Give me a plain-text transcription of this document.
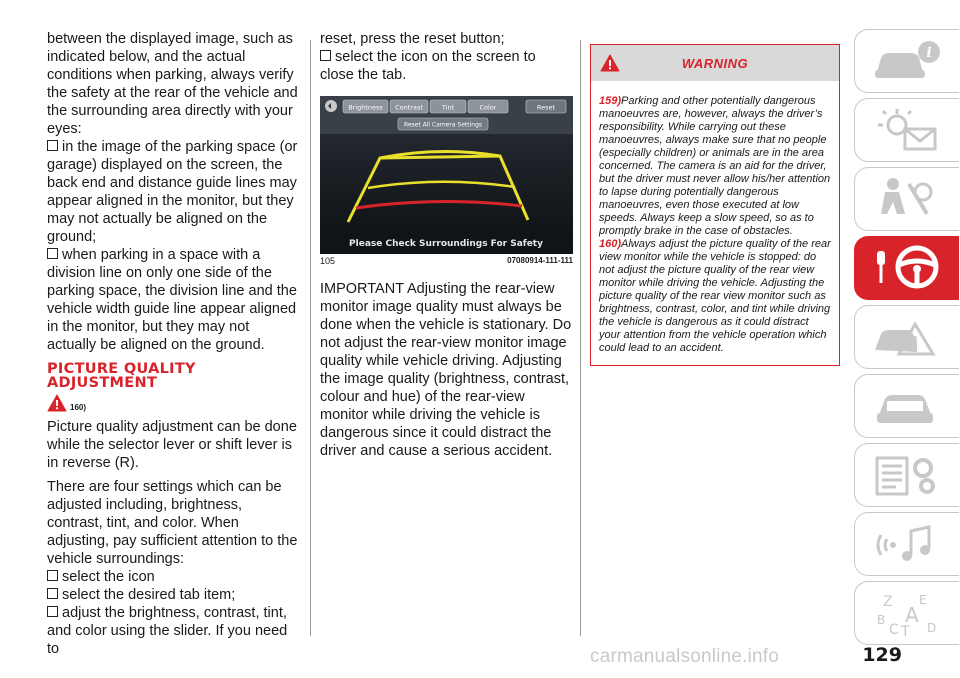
between the displayed image, such as indicated below, and the actual conditions when parking, always verify the safety at the rear of the vehicle and the surrounding area directly with your eyes:

in the image of the parking space (or garage) displayed on the screen, the back end and distance guide lines may appear aligned in the monitor, but they may not actually be aligned on the ground;

when parking in a space with a division line on only one side of the parking space, the division line and the vehicle width guide line appear aligned in the monitor, but they may not actually be aligned on the ground.

PICTURE QUALITY
ADJUSTMENT
160)

Picture quality adjustment can be done while the selector lever or shift lever is in reverse (R).

There are four settings which can be adjusted including, brightness, contrast, tint, and color. When adjusting, pay sufficient attention to the vehicle surroundings:

select the icon

select the desired tab item;

adjust the brightness, contrast, tint, and color using the slider. If you need to

reset, press the reset button;

select the icon on the screen to close the tab.

Brightness Contrast	Tint	Color	Reset
Reset All Camera Settings
Please Check Surroundings For Safety
105	07080914-111-111

IMPORTANT Adjusting the rear-view monitor image quality must always be done when the vehicle is stationary. Do not adjust the rear-view monitor image quality while vehicle driving. Adjusting the image quality (brightness, contrast, colour and hue) of the rear-view monitor while driving the vehicle is dangerous since it could distract the driver and cause a serious accident.

WARNING

159)Parking and other potentially dangerous manoeuvres are, however, always the driver’s responsibility. While carrying out these manoeuvres, always make sure that no people (especially children) or animals are in the area concerned. The camera is an aid for the driver, but the driver must never allow his/her attention to lapse during potentially dangerous manoeuvres, even those executed at low speeds. Always keep a slow speed, so as to promptly brake in the case of obstacles.

160)Always adjust the picture quality of the rear view monitor while the vehicle is stopped: do not adjust the picture quality of the rear view monitor while driving the vehicle. Adjusting the picture quality of the rear view monitor such as brightness, contrast, color, and tint while driving the vehicle is dangerous as it could distract your attention from the vehicle operation which could lead to an accident.

i
Z E
A
B
C T D
129
carmanualsonline.info
